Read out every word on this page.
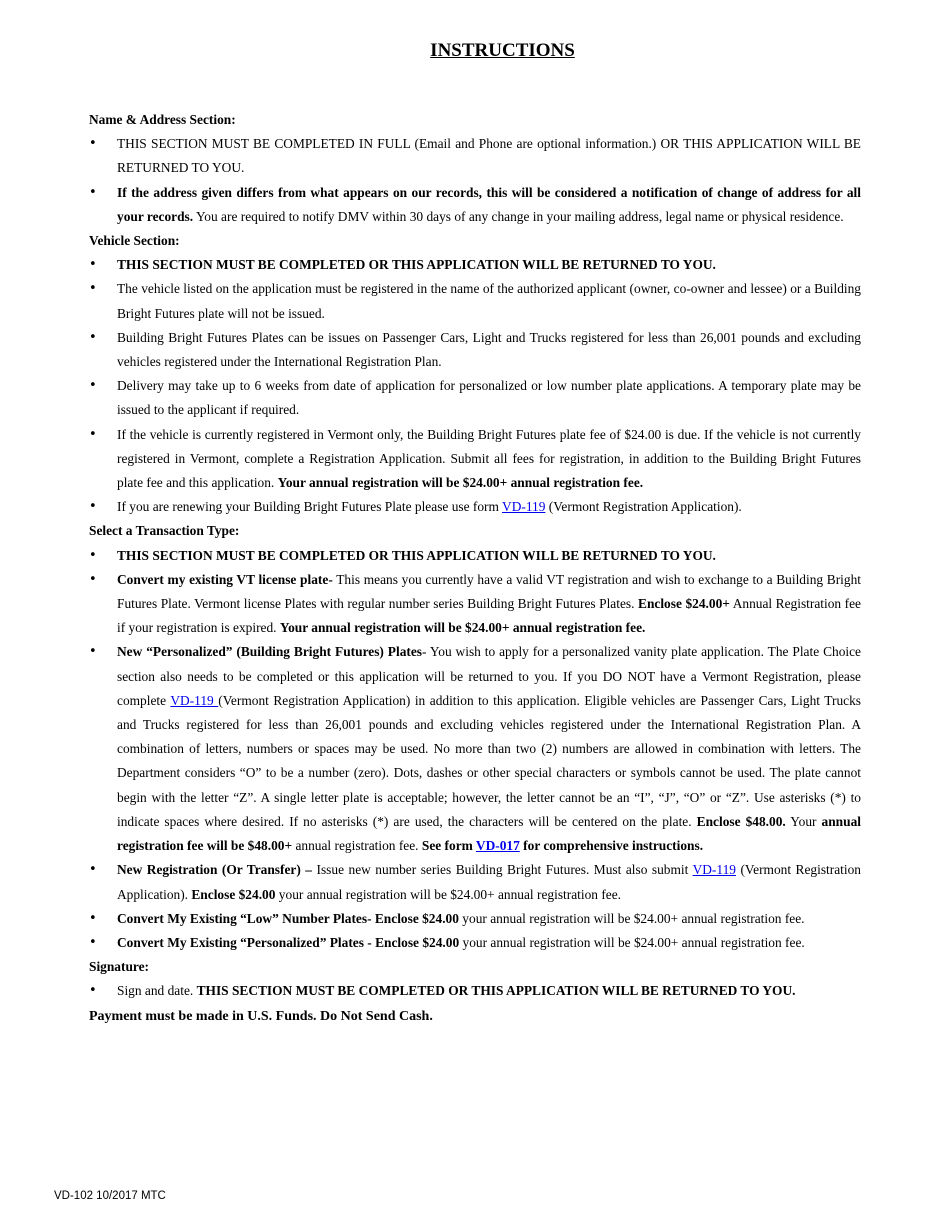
INSTRUCTIONS

Name & Address Section:

• THIS SECTION MUST BE COMPLETED IN FULL (Email and Phone are optional information.) OR THIS APPLICATION WILL BE RETURNED TO YOU.
• If the address given differs from what appears on our records, this will be considered a notification of change of address for all your records. You are required to notify DMV within 30 days of any change in your mailing address, legal name or physical residence.

Vehicle Section:

• THIS SECTION MUST BE COMPLETED OR THIS APPLICATION WILL BE RETURNED TO YOU.
• The vehicle listed on the application must be registered in the name of the authorized applicant (owner, co-owner and lessee) or a Building Bright Futures plate will not be issued.
• Building Bright Futures Plates can be issues on Passenger Cars, Light and Trucks registered for less than 26,001 pounds and excluding vehicles registered under the International Registration Plan.
• Delivery may take up to 6 weeks from date of application for personalized or low number plate applications. A temporary plate may be issued to the applicant if required.
• If the vehicle is currently registered in Vermont only, the Building Bright Futures plate fee of $24.00 is due. If the vehicle is not currently registered in Vermont, complete a Registration Application. Submit all fees for registration, in addition to the Building Bright Futures plate fee and this application. Your annual registration will be $24.00+ annual registration fee.
• If you are renewing your Building Bright Futures Plate please use form VD-119 (Vermont Registration Application).

Select a Transaction Type:

• THIS SECTION MUST BE COMPLETED OR THIS APPLICATION WILL BE RETURNED TO YOU.
• Convert my existing VT license plate- This means you currently have a valid VT registration and wish to exchange to a Building Bright Futures Plate. Vermont license Plates with regular number series Building Bright Futures Plates. Enclose $24.00+ Annual Registration fee if your registration is expired. Your annual registration will be $24.00+ annual registration fee.
• New “Personalized” (Building Bright Futures) Plates- You wish to apply for a personalized vanity plate application. The Plate Choice section also needs to be completed or this application will be returned to you. If you DO NOT have a Vermont Registration, please complete VD-119 (Vermont Registration Application) in addition to this application. Eligible vehicles are Passenger Cars, Light Trucks and Trucks registered for less than 26,001 pounds and excluding vehicles registered under the International Registration Plan. A combination of letters, numbers or spaces may be used. No more than two (2) numbers are allowed in combination with letters. The Department considers “O” to be a number (zero). Dots, dashes or other special characters or symbols cannot be used. The plate cannot begin with the letter “Z”. A single letter plate is acceptable; however, the letter cannot be an “I”, “J”, “O” or “Z”. Use asterisks (*) to indicate spaces where desired. If no asterisks (*) are used, the characters will be centered on the plate. Enclose $48.00. Your annual registration fee will be $48.00+ annual registration fee. See form VD-017 for comprehensive instructions.
• New Registration (Or Transfer) – Issue new number series Building Bright Futures. Must also submit VD-119 (Vermont Registration Application). Enclose $24.00 your annual registration will be $24.00+ annual registration fee.
• Convert My Existing “Low” Number Plates- Enclose $24.00 your annual registration will be $24.00+ annual registration fee.
• Convert My Existing “Personalized” Plates - Enclose $24.00 your annual registration will be $24.00+ annual registration fee.

Signature:

• Sign and date. THIS SECTION MUST BE COMPLETED OR THIS APPLICATION WILL BE RETURNED TO YOU.

Payment must be made in U.S. Funds. Do Not Send Cash.

VD-102 10/2017 MTC
